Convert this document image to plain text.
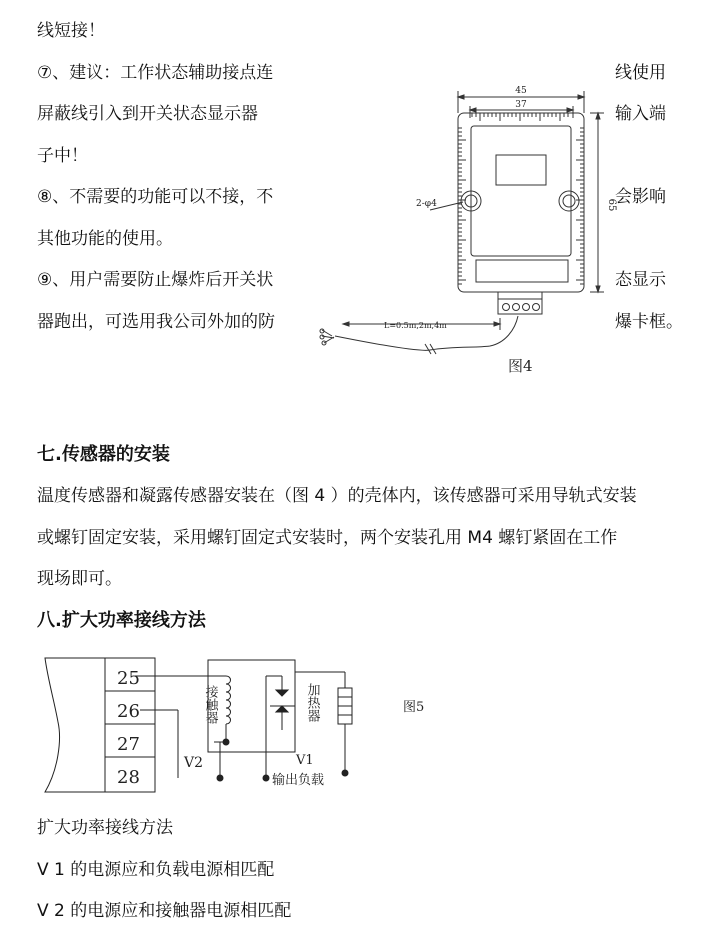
线短接！
⑦、建议：工作状态辅助接点连	线使用
屏蔽线引入到开关状态显示器	输入端
子中！
⑧、不需要的功能可以不接，不	会影响
其他功能的使用。
⑨、用户需要防止爆炸后开关状	态显示
器跑出，可选用我公司外加的防	爆卡框。
45
37
65
2-φ4
L=0.5m,2m,4m
图4
七.传感器的安装
温度传感器和凝露传感器安装在（图 4 ）的壳体内，该传感器可采用导轨式安装
或螺钉固定安装，采用螺钉固定式安装时，两个安装孔用 M4 螺钉紧固在工作
现场即可。
八.扩大功率接线方法
25
26
27
28
接触器	加热器
V1
V2
输出负载
图5
扩大功率接线方法
V 1 的电源应和负载电源相匹配
V 2 的电源应和接触器电源相匹配
